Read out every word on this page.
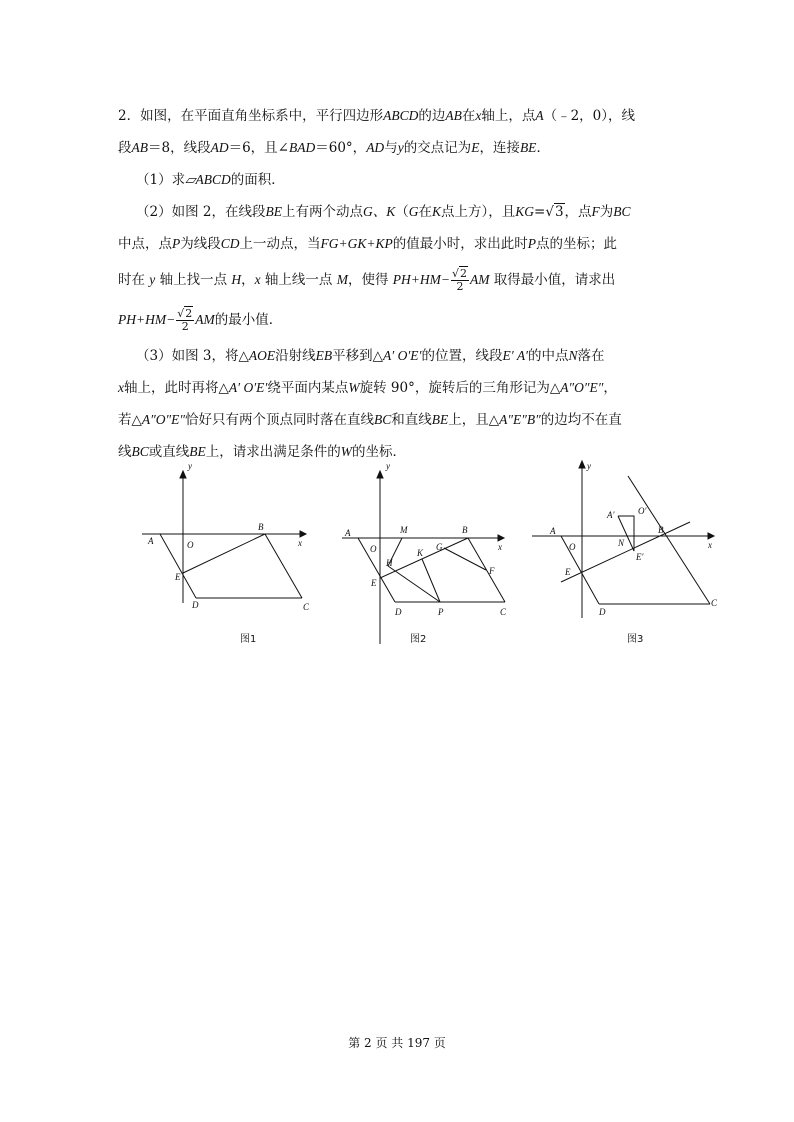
2．如图，在平面直角坐标系中，平行四边形ABCD的边AB在x轴上，点A（﹣2，0），线
段AB＝8，线段AD＝6，且∠BAD＝60°，AD与y的交点记为E，连接BE．
（1）求▱ABCD的面积．
（2）如图 2，在线段BE上有两个动点G、K（G在K点上方），且KG=√3，点F为BC
中点，点P为线段CD上一动点，当FG+GK+KP的值最小时，求出此时P点的坐标；此
时在 y 轴上找一点 H，x 轴上线一点 M，使得 $PH+HM- \frac{√2}{2}$ AM 取得最小值，请求出
$PH+HM- \frac{√2}{2}$ AM的最小值．
（3）如图 3，将△AOE沿射线EB平移到△A′ O′E′的位置，线段E′ A′的中点N落在
x轴上，此时再将△A′ O′E′绕平面内某点W旋转 90°，旋转后的三角形记为△A″O″E″，
若△A″O″E″恰好只有两个顶点同时落在直线BC和直线BE上，且△A″E″B″的边均不在直
线BC或直线BE上，请求出满足条件的W的坐标．
y
x
A	O
B
E
D	C
图1
y
x
A
O
M	B
G
K
H
F
E
D	P	C
图2
y
x
A
O
B
E
D
C
A′	O′
N
E′
图3
第 2 页 共 197 页
